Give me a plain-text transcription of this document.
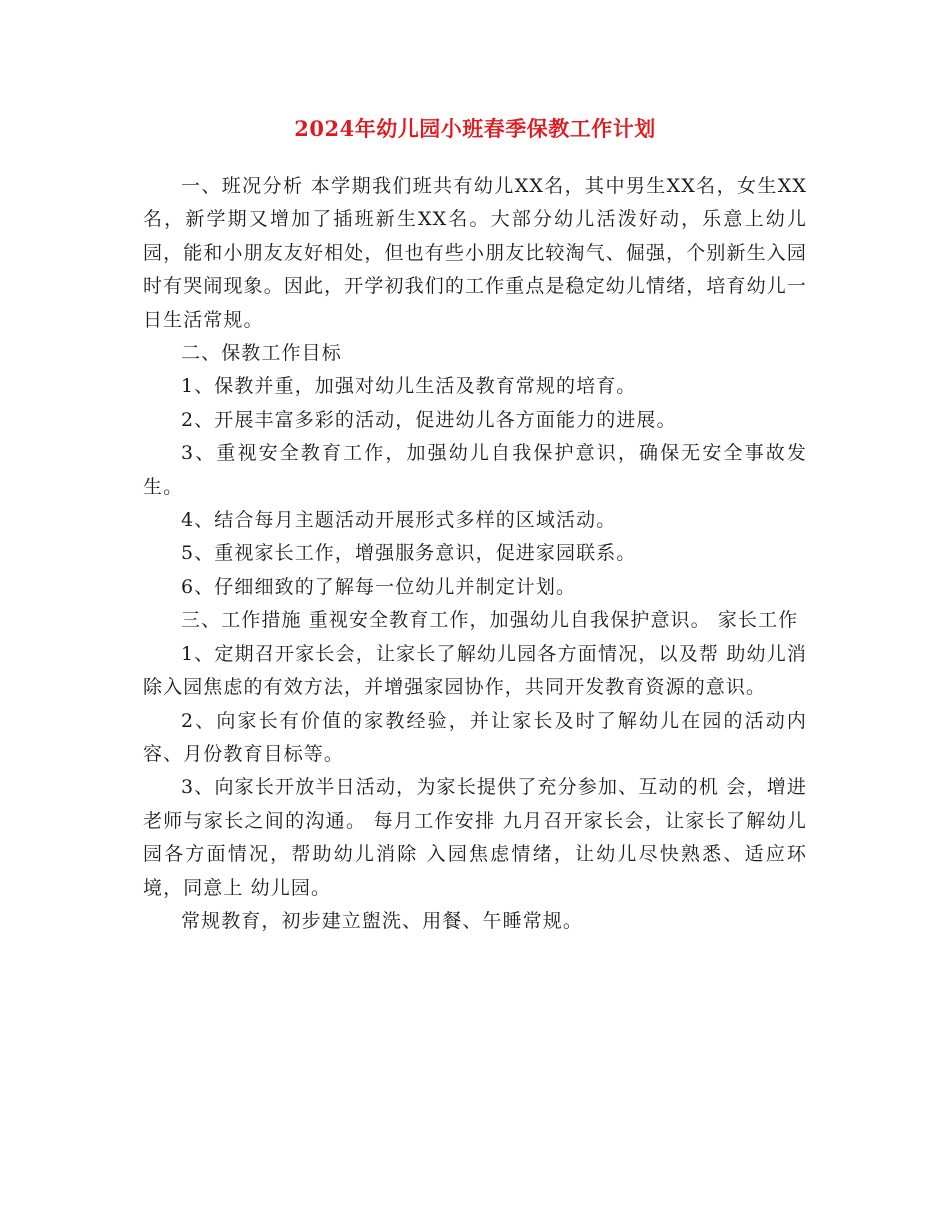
2024年幼儿园小班春季保教工作计划

一、班况分析 本学期我们班共有幼儿XX名，其中男生XX名，女生XX 名，新学期又增加了插班新生XX名。大部分幼儿活泼好动，乐意上幼儿园，能和小朋友友好相处，但也有些小朋友比较淘气、倔强，个别新生入园时有哭闹现象。因此，开学初我们的工作重点是稳定幼儿情绪，培育幼儿一日生活常规。

二、保教工作目标

1、保教并重，加强对幼儿生活及教育常规的培育。

2、开展丰富多彩的活动，促进幼儿各方面能力的进展。

3、重视安全教育工作，加强幼儿自我保护意识，确保无安全事故发生。

4、结合每月主题活动开展形式多样的区域活动。

5、重视家长工作，增强服务意识，促进家园联系。

6、仔细细致的了解每一位幼儿并制定计划。

三、工作措施 重视安全教育工作，加强幼儿自我保护意识。 家长工作

1、定期召开家长会，让家长了解幼儿园各方面情况，以及帮 助幼儿消除入园焦虑的有效方法，并增强家园协作，共同开发教育资源的意识。

2、向家长有价值的家教经验，并让家长及时了解幼儿在园的活动内容、月份教育目标等。

3、向家长开放半日活动，为家长提供了充分参加、互动的机 会，增进老师与家长之间的沟通。 每月工作安排 九月召开家长会，让家长了解幼儿园各方面情况，帮助幼儿消除 入园焦虑情绪，让幼儿尽快熟悉、适应环境，同意上 幼儿园。

常规教育，初步建立盥洗、用餐、午睡常规。
